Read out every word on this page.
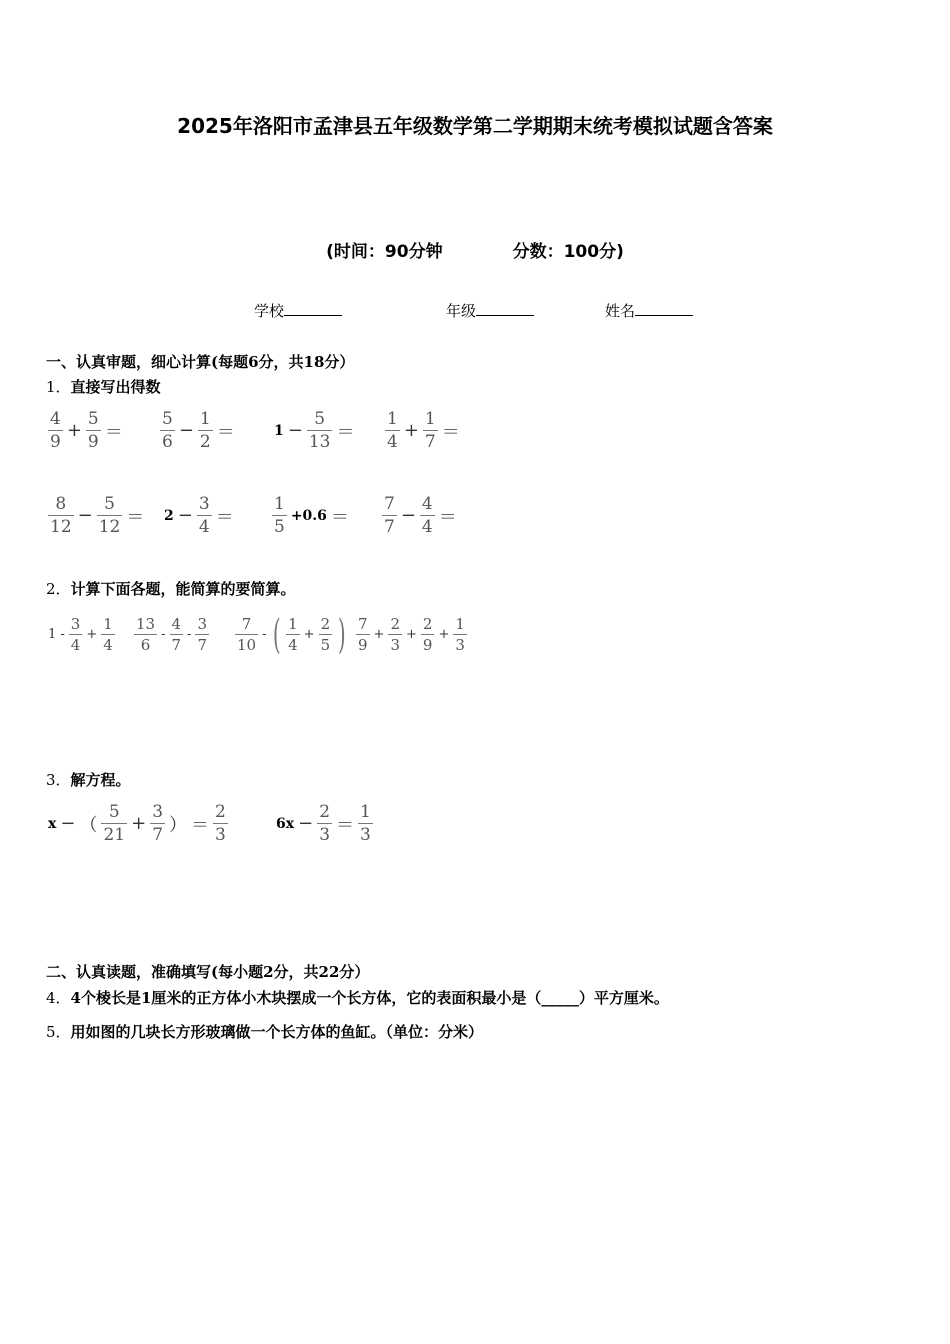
2025年洛阳市孟津县五年级数学第二学期期末统考模拟试题含答案
(时间：90分钟	分数：100分)
学校	年级	姓名
一、认真审题，细心计算(每题6分，共18分）
1．直接写出得数
$\frac{4}{9} + \frac{5}{9} = \frac{5}{6} - \frac{1}{2}$ ＝	$1 - \frac{5}{13} = \frac{1}{4} + \frac{1}{7}$ ＝
$\frac{8}{12} - \frac{5}{12} = 2 - \frac{3}{4} = \frac{1}{5} +0.6 = \frac{7}{7} - \frac{4}{4}$ ＝
2．计算下面各题，能简算的要简算。
$1 - \frac{3}{4} + \frac{1}{4} \frac{13}{6} - \frac{4}{7} - \frac{3}{7} \frac{7}{10}$ - ( $\frac{1}{4} + \frac{2}{5}$ ) $\frac{7}{9} + \frac{2}{3} + \frac{2}{9} + \frac{1}{3}$
3．解方程。
x − （ $\frac{5}{21} + \frac{3}{7}$ ） ＝ $\frac{2}{3}$	$6x - \frac{2}{3} = \frac{1}{3}$
二、认真读题，准确填写(每小题2分，共22分）
4．4个棱长是1厘米的正方体小木块摆成一个长方体，它的表面积最小是（_____）平方厘米。
5．用如图的几块长方形玻璃做一个长方体的鱼缸。（单位：分米）
